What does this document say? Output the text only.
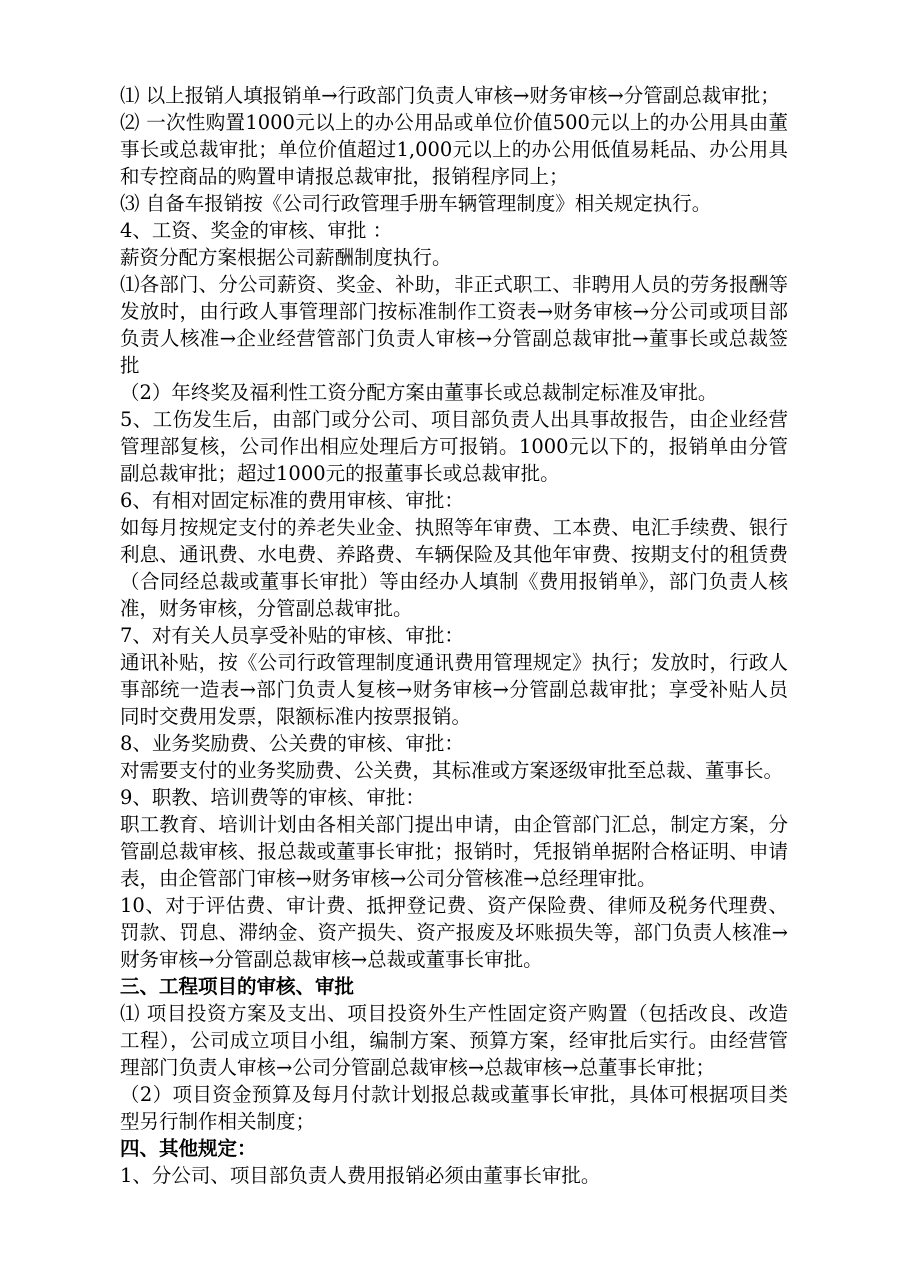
⑴ 以上报销人填报销单→行政部门负责人审核→财务审核→分管副总裁审批；

⑵ 一次性购置1000元以上的办公用品或单位价值500元以上的办公用具由董事长或总裁审批；单位价值超过1,000元以上的办公用低值易耗品、办公用具和专控商品的购置申请报总裁审批，报销程序同上；

⑶ 自备车报销按《公司行政管理手册车辆管理制度》相关规定执行。

4、工资、奖金的审核、审批 ：

薪资分配方案根据公司薪酬制度执行。

⑴各部门、分公司薪资、奖金、补助，非正式职工、非聘用人员的劳务报酬等发放时，由行政人事管理部门按标准制作工资表→财务审核→分公司或项目部负责人核准→企业经营管部门负责人审核→分管副总裁审批→董事长或总裁签批

（2）年终奖及福利性工资分配方案由董事长或总裁制定标准及审批。

5、工伤发生后，由部门或分公司、项目部负责人出具事故报告，由企业经营管理部复核，公司作出相应处理后方可报销。1000元以下的，报销单由分管副总裁审批；超过1000元的报董事长或总裁审批。

6、有相对固定标准的费用审核、审批：

如每月按规定支付的养老失业金、执照等年审费、工本费、电汇手续费、银行利息、通讯费、水电费、养路费、车辆保险及其他年审费、按期支付的租赁费（合同经总裁或董事长审批）等由经办人填制《费用报销单》，部门负责人核准，财务审核，分管副总裁审批。

7、对有关人员享受补贴的审核、审批：

通讯补贴，按《公司行政管理制度通讯费用管理规定》执行；发放时，行政人事部统一造表→部门负责人复核→财务审核→分管副总裁审批；享受补贴人员同时交费用发票，限额标准内按票报销。

8、业务奖励费、公关费的审核、审批：

对需要支付的业务奖励费、公关费，其标准或方案逐级审批至总裁、董事长。

9、职教、培训费等的审核、审批：

职工教育、培训计划由各相关部门提出申请，由企管部门汇总，制定方案，分管副总裁审核、报总裁或董事长审批；报销时，凭报销单据附合格证明、申请表，由企管部门审核→财务审核→公司分管核准→总经理审批。

10、对于评估费、审计费、抵押登记费、资产保险费、律师及税务代理费、罚款、罚息、滞纳金、资产损失、资产报废及坏账损失等，部门负责人核准→财务审核→分管副总裁审核→总裁或董事长审批。

三、工程项目的审核、审批

⑴ 项目投资方案及支出、项目投资外生产性固定资产购置（包括改良、改造工程），公司成立项目小组，编制方案、预算方案，经审批后实行。由经营管理部门负责人审核→公司分管副总裁审核→总裁审核→总董事长审批；

（2）项目资金预算及每月付款计划报总裁或董事长审批，具体可根据项目类型另行制作相关制度；

四、其他规定：

1、分公司、项目部负责人费用报销必须由董事长审批。
